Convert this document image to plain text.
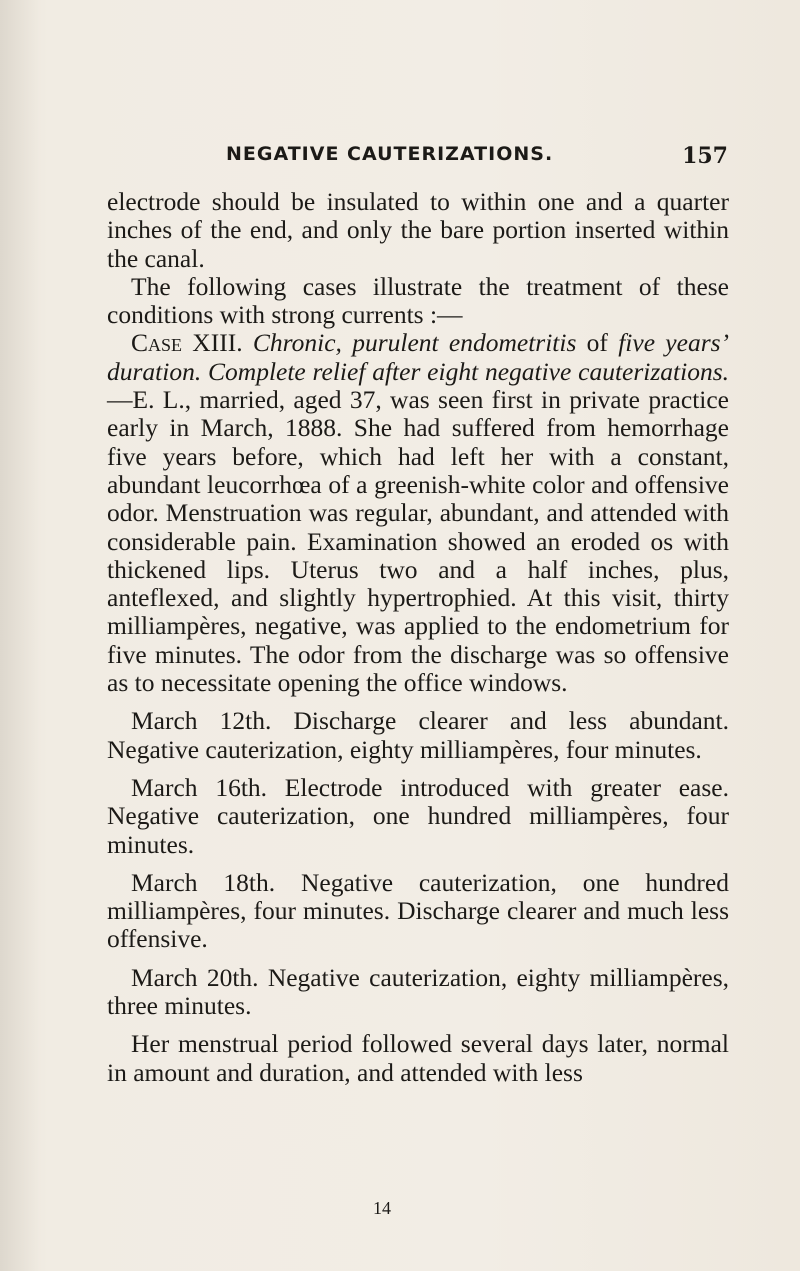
NEGATIVE CAUTERIZATIONS.	157

electrode should be insulated to within one and a quarter inches of the end, and only the bare portion inserted within the canal.

The following cases illustrate the treatment of these conditions with strong currents :—

Case XIII. Chronic, purulent endometritis of five years’ duration. Complete relief after eight negative cauterizations.—E. L., married, aged 37, was seen first in private practice early in March, 1888. She had suffered from hemorrhage five years before, which had left her with a constant, abundant leucorrhœa of a greenish-white color and offensive odor. Menstruation was regular, abundant, and attended with considerable pain. Examination showed an eroded os with thickened lips. Uterus two and a half inches, plus, anteflexed, and slightly hypertrophied. At this visit, thirty milliampères, negative, was applied to the endometrium for five minutes. The odor from the discharge was so offensive as to necessitate opening the office windows.

March 12th. Discharge clearer and less abundant. Negative cauterization, eighty milliampères, four minutes.

March 16th. Electrode introduced with greater ease. Negative cauterization, one hundred milliampères, four minutes.

March 18th. Negative cauterization, one hundred milliampères, four minutes. Discharge clearer and much less offensive.

March 20th. Negative cauterization, eighty milliampères, three minutes.

Her menstrual period followed several days later, normal in amount and duration, and attended with less

14
